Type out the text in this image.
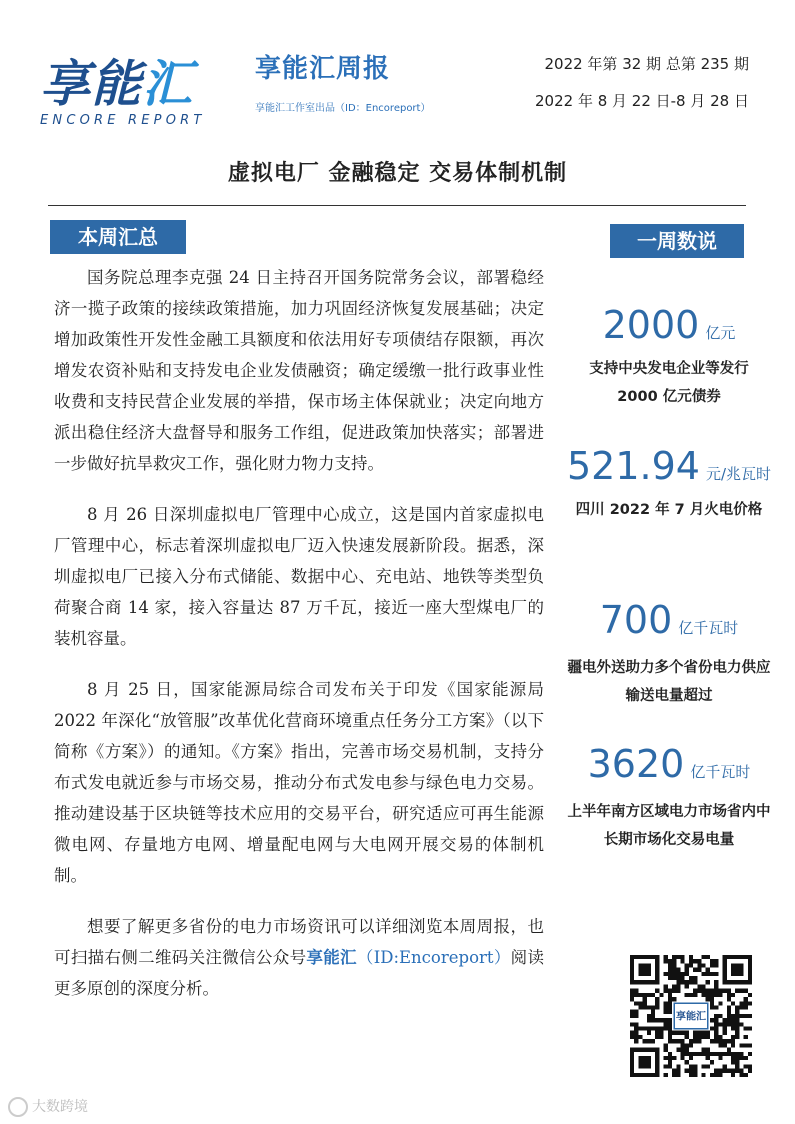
享能汇
ENCORE REPORT
享能汇周报
享能汇工作室出品（ID：Encoreport）
2022 年第 32 期 总第 235 期
2022 年 8 月 22 日-8 月 28 日
虚拟电厂 金融稳定 交易体制机制
本周汇总	一周数说

国务院总理李克强 24 日主持召开国务院常务会议，部署稳经济一揽子政策的接续政策措施，加力巩固经济恢复发展基础；决定增加政策性开发性金融工具额度和依法用好专项债结存限额，再次增发农资补贴和支持发电企业发债融资；确定缓缴一批行政事业性收费和支持民营企业发展的举措，保市场主体保就业；决定向地方派出稳住经济大盘督导和服务工作组，促进政策加快落实；部署进一步做好抗旱救灾工作，强化财力物力支持。

8 月 26 日深圳虚拟电厂管理中心成立，这是国内首家虚拟电厂管理中心，标志着深圳虚拟电厂迈入快速发展新阶段。据悉，深圳虚拟电厂已接入分布式储能、数据中心、充电站、地铁等类型负荷聚合商 14 家，接入容量达 87 万千瓦，接近一座大型煤电厂的装机容量。

8 月 25 日，国家能源局综合司发布关于印发《国家能源局 2022 年深化“放管服”改革优化营商环境重点任务分工方案》（以下简称《方案》）的通知。《方案》指出，完善市场交易机制，支持分布式发电就近参与市场交易，推动分布式发电参与绿色电力交易。推动建设基于区块链等技术应用的交易平台，研究适应可再生能源微电网、存量地方电网、增量配电网与大电网开展交易的体制机制。

想要了解更多省份的电力市场资讯可以详细浏览本周周报，也可扫描右侧二维码关注微信公众号享能汇（ID:Encoreport）阅读更多原创的深度分析。

2000 亿元
支持中央发电企业等发行
2000 亿元债券
521.94 元/兆瓦时
四川 2022 年 7 月火电价格
700 亿千瓦时
疆电外送助力多个省份电力供应
输送电量超过
3620 亿千瓦时
上半年南方区域电力市场省内中
长期市场化交易电量
享能汇
大数跨境
